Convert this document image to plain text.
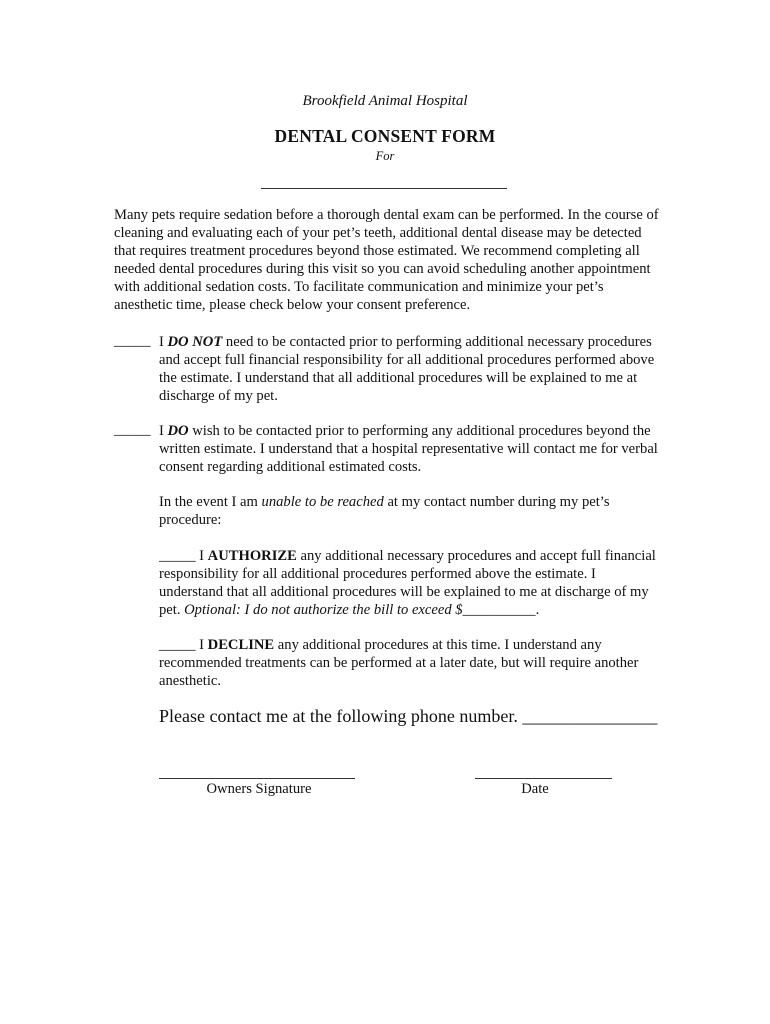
Brookfield Animal Hospital
DENTAL CONSENT FORM
For

Many pets require sedation before a thorough dental exam can be performed. In the course of cleaning and evaluating each of your pet’s teeth, additional dental disease may be detected that requires treatment procedures beyond those estimated. We recommend completing all needed dental procedures during this visit so you can avoid scheduling another appointment with additional sedation costs. To facilitate communication and minimize your pet’s anesthetic time, please check below your consent preference.

_____ I DO NOT need to be contacted prior to performing additional necessary procedures and accept full financial responsibility for all additional procedures performed above the estimate. I understand that all additional procedures will be explained to me at discharge of my pet.

_____ I DO wish to be contacted prior to performing any additional procedures beyond the written estimate. I understand that a hospital representative will contact me for verbal consent regarding additional estimated costs.

In the event I am unable to be reached at my contact number during my pet’s procedure:

_____ I AUTHORIZE any additional necessary procedures and accept full financial responsibility for all additional procedures performed above the estimate. I understand that all additional procedures will be explained to me at discharge of my pet. Optional: I do not authorize the bill to exceed $__________.

_____ I DECLINE any additional procedures at this time. I understand any recommended treatments can be performed at a later date, but will require another anesthetic.

Please contact me at the following phone number. _______________
Owners Signature	Date
